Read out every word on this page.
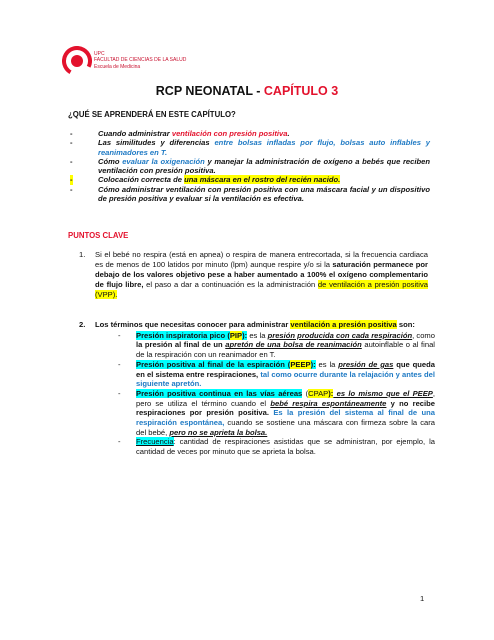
UPC
FACULTAD DE CIENCIAS DE LA SALUD
Escuela de Medicina
RCP NEONATAL - CAPÍTULO 3
¿QUÉ SE APRENDERÁ EN ESTE CAPÍTULO?
-	Cuando administrar ventilación con presión positiva.
-	Las similitudes y diferencias entre bolsas infladas por flujo, bolsas auto inflables y reanimadores en T.
-	Cómo evaluar la oxigenación y manejar la administración de oxígeno a bebés que reciben ventilación con presión positiva.
-	Colocación correcta de una máscara en el rostro del recién nacido.
-	Cómo administrar ventilación con presión positiva con una máscara facial y un dispositivo de presión positiva y evaluar si la ventilación es efectiva.
PUNTOS CLAVE
1. Si el bebé no respira (está en apnea) o respira de manera entrecortada, si la frecuencia cardiaca es de menos de 100 latidos por minuto (lpm) aunque respire y/o si la saturación permanece por debajo de los valores objetivo pese a haber aumentado a 100% el oxígeno complementario de flujo libre, el paso a dar a continuación es la administración de ventilación a presión positiva (VPP).
2. Los términos que necesitas conocer para administrar ventilación a presión positiva son:
- Presión inspiratoria pico (PIP): es la presión producida con cada respiración, como la presión al final de un apretón de una bolsa de reanimación autoinflable o al final de la respiración con un reanimador en T.
- Presión positiva al final de la espiración (PEEP): es la presión de gas que queda en el sistema entre respiraciones, tal como ocurre durante la relajación y antes del siguiente apretón.
- Presión positiva continua en las vías aéreas (CPAP): es lo mismo que el PEEP, pero se utiliza el término cuando el bebé respira espontáneamente y no recibe respiraciones por presión positiva. Es la presión del sistema al final de una respiración espontánea, cuando se sostiene una máscara con firmeza sobre la cara del bebé, pero no se aprieta la bolsa.
- Frecuencia: cantidad de respiraciones asistidas que se administran, por ejemplo, la cantidad de veces por minuto que se aprieta la bolsa.
1
